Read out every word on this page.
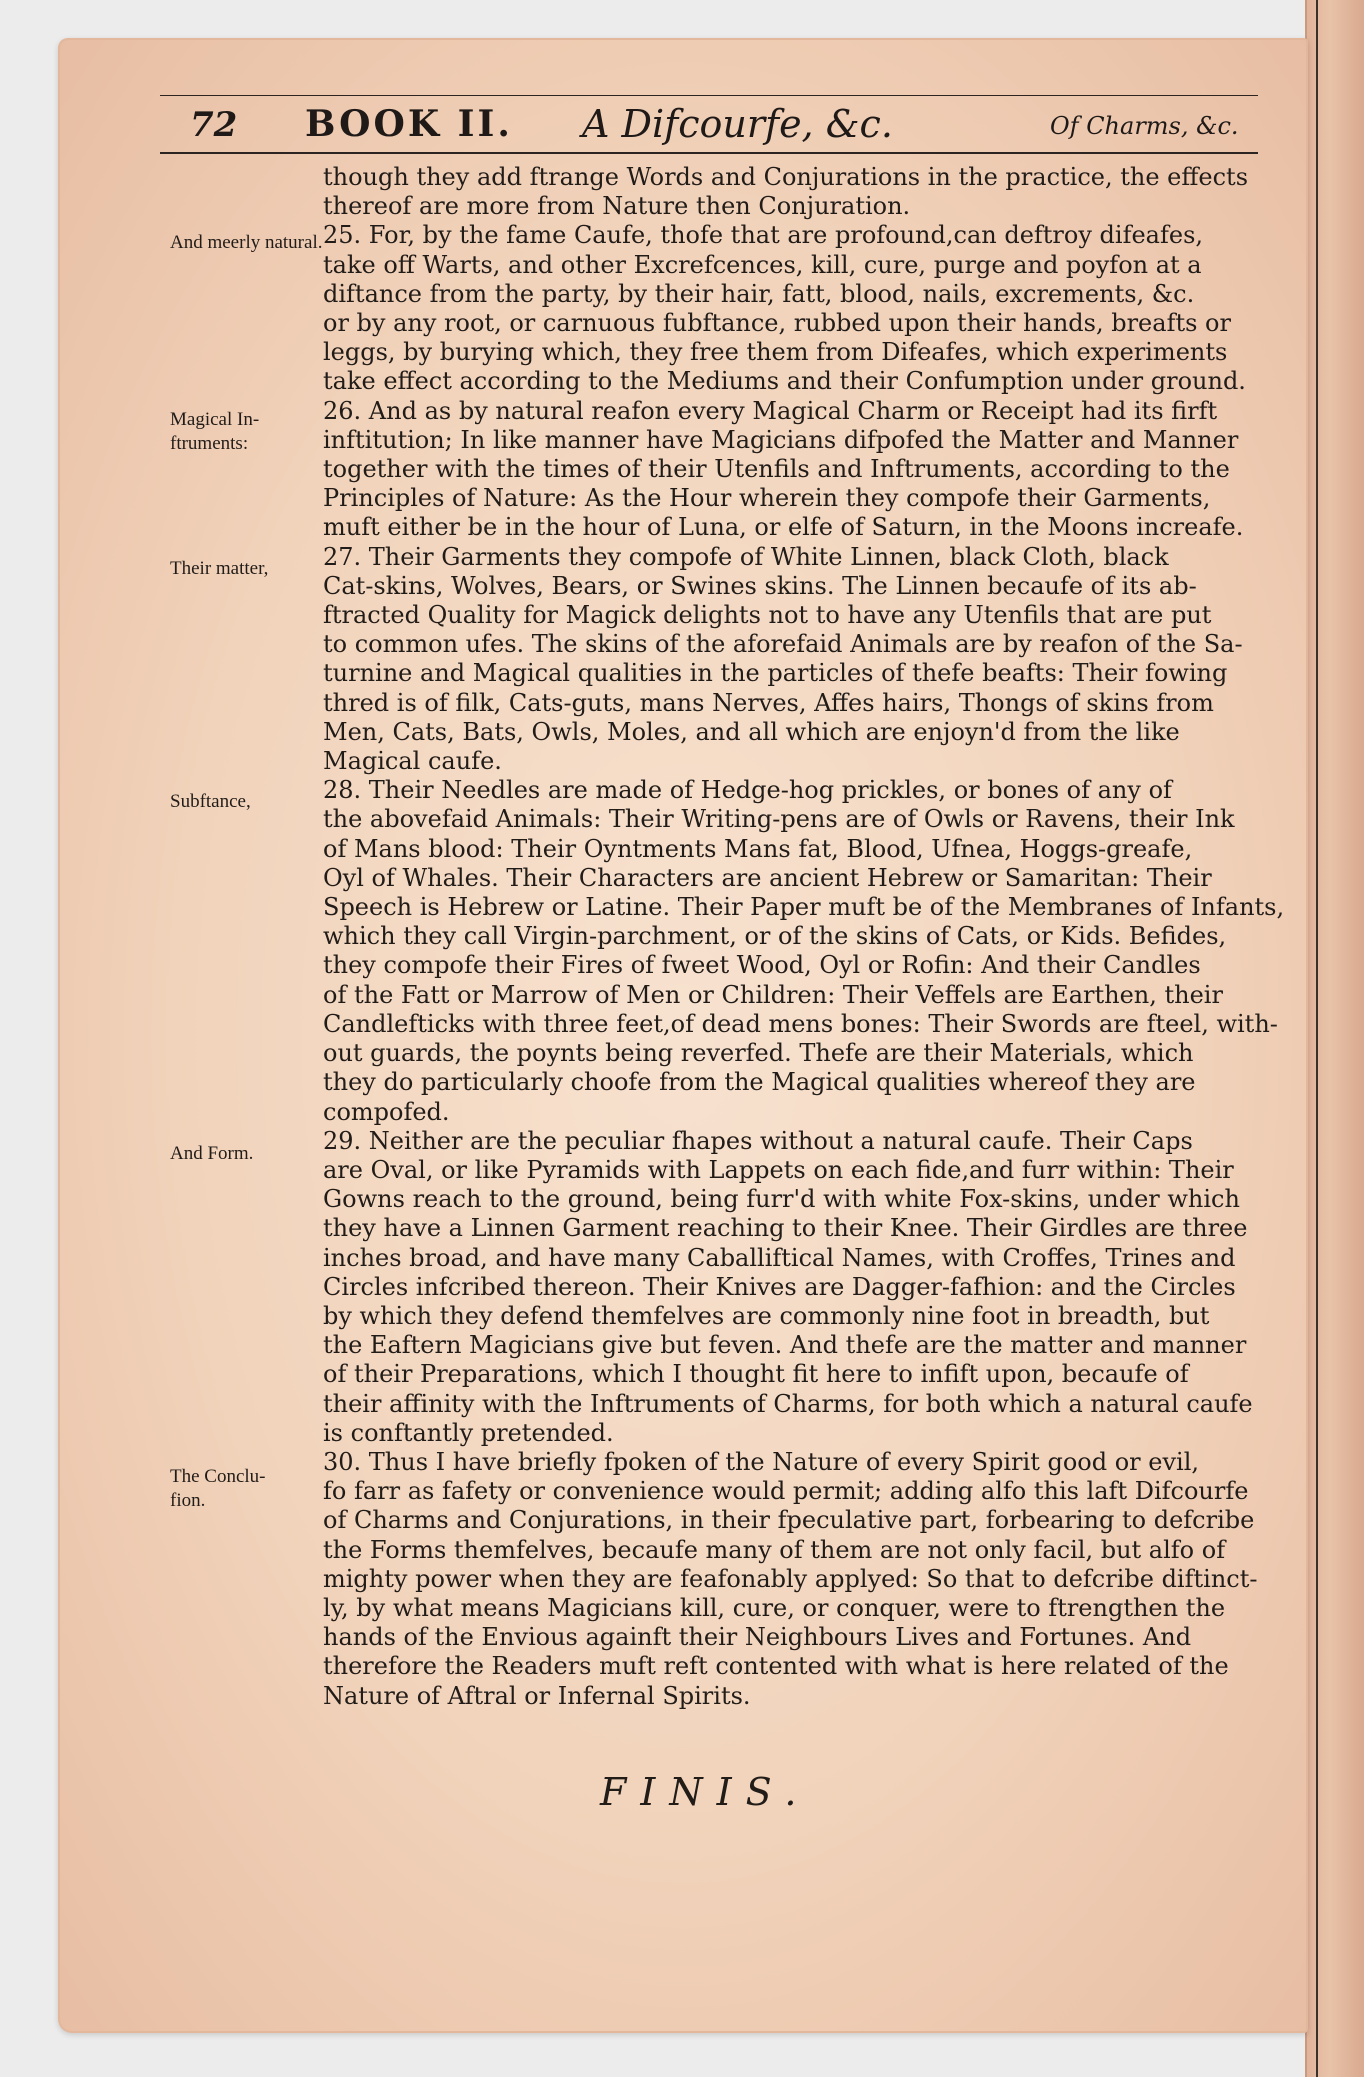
72 BOOK II. A Difcourfe, &c.	Of Charms, &c.
And meerly natural.
Magical In-
ftruments:
Their matter,
Subftance,
And Form.
The Conclu-
fion.
though they add ftrange Words and Conjurations in the practice, the effects
thereof are more from Nature then Conjuration.
25. For, by the fame Caufe, thofe that are profound,can deftroy difeafes,
take off Warts, and other Excrefcences, kill, cure, purge and poyfon at a
diftance from the party, by their hair, fatt, blood, nails, excrements, &c.
or by any root, or carnuous fubftance, rubbed upon their hands, breafts or
leggs, by burying which, they free them from Difeafes, which experiments
take effect according to the Mediums and their Confumption under ground.
26. And as by natural reafon every Magical Charm or Receipt had its firft
inftitution; In like manner have Magicians difpofed the Matter and Manner
together with the times of their Utenfils and Inftruments, according to the
Principles of Nature: As the Hour wherein they compofe their Garments,
muft either be in the hour of Luna, or elfe of Saturn, in the Moons increafe.
27. Their Garments they compofe of White Linnen, black Cloth, black
Cat-skins, Wolves, Bears, or Swines skins. The Linnen becaufe of its ab-
ftracted Quality for Magick delights not to have any Utenfils that are put
to common ufes. The skins of the aforefaid Animals are by reafon of the Sa-
turnine and Magical qualities in the particles of thefe beafts: Their fowing
thred is of filk, Cats-guts, mans Nerves, Affes hairs, Thongs of skins from
Men, Cats, Bats, Owls, Moles, and all which are enjoyn'd from the like
Magical caufe.
28. Their Needles are made of Hedge-hog prickles, or bones of any of
the abovefaid Animals: Their Writing-pens are of Owls or Ravens, their Ink
of Mans blood: Their Oyntments Mans fat, Blood, Ufnea, Hoggs-greafe,
Oyl of Whales. Their Characters are ancient Hebrew or Samaritan: Their
Speech is Hebrew or Latine. Their Paper muft be of the Membranes of Infants,
which they call Virgin-parchment, or of the skins of Cats, or Kids. Befides,
they compofe their Fires of fweet Wood, Oyl or Rofin: And their Candles
of the Fatt or Marrow of Men or Children: Their Veffels are Earthen, their
Candlefticks with three feet,of dead mens bones: Their Swords are fteel, with-
out guards, the poynts being reverfed. Thefe are their Materials, which
they do particularly choofe from the Magical qualities whereof they are
compofed.
29. Neither are the peculiar fhapes without a natural caufe. Their Caps
are Oval, or like Pyramids with Lappets on each fide,and furr within: Their
Gowns reach to the ground, being furr'd with white Fox-skins, under which
they have a Linnen Garment reaching to their Knee. Their Girdles are three
inches broad, and have many Caballiftical Names, with Croffes, Trines and
Circles infcribed thereon. Their Knives are Dagger-fafhion: and the Circles
by which they defend themfelves are commonly nine foot in breadth, but
the Eaftern Magicians give but feven. And thefe are the matter and manner
of their Preparations, which I thought fit here to infift upon, becaufe of
their affinity with the Inftruments of Charms, for both which a natural caufe
is conftantly pretended.
30. Thus I have briefly fpoken of the Nature of every Spirit good or evil,
fo farr as fafety or convenience would permit; adding alfo this laft Difcourfe
of Charms and Conjurations, in their fpeculative part, forbearing to defcribe
the Forms themfelves, becaufe many of them are not only facil, but alfo of
mighty power when they are feafonably applyed: So that to defcribe diftinct-
ly, by what means Magicians kill, cure, or conquer, were to ftrengthen the
hands of the Envious againft their Neighbours Lives and Fortunes. And
therefore the Readers muft reft contented with what is here related of the
Nature of Aftral or Infernal Spirits.
FINIS.
